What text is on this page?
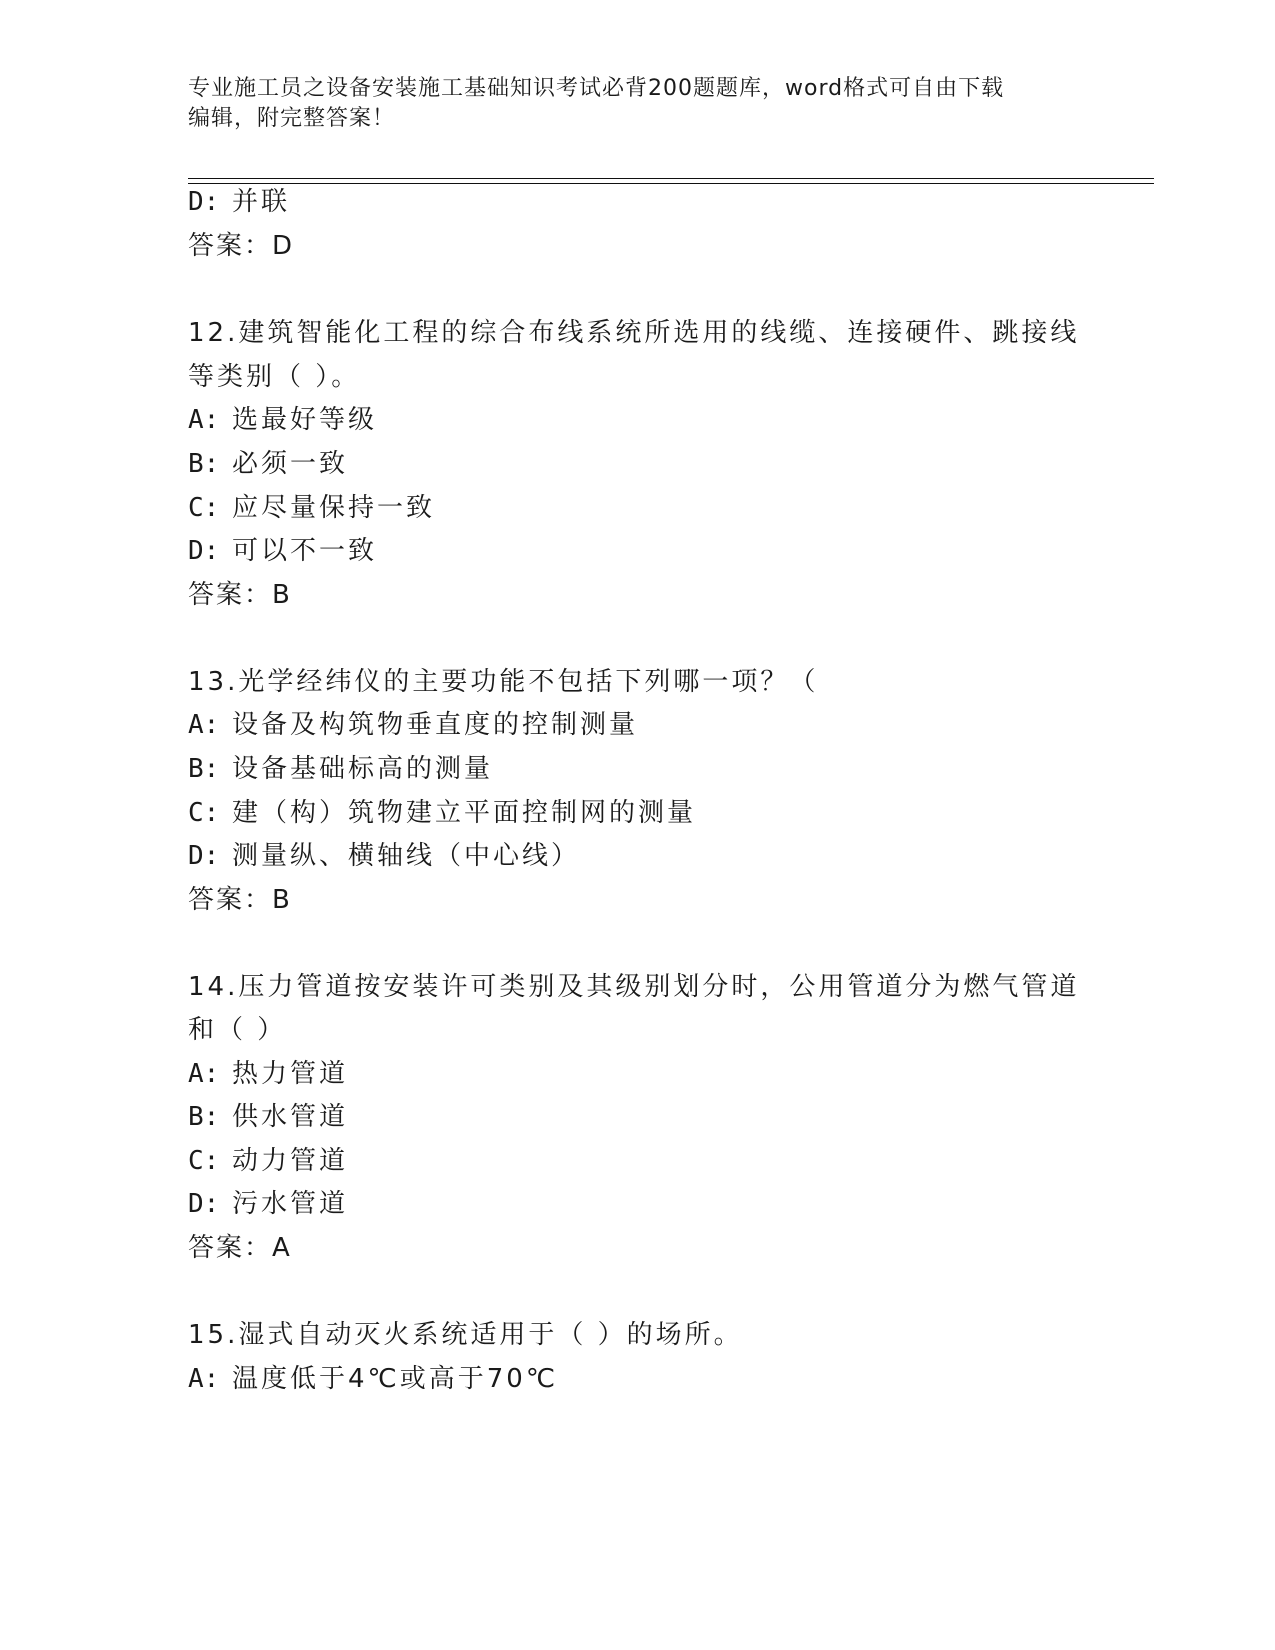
专业施工员之设备安装施工基础知识考试必背200题题库，word格式可自由下载
编辑，附完整答案！
D: 并联
答案：D
12.建筑智能化工程的综合布线系统所选用的线缆、连接硬件、跳接线
等类别（ ）。
A: 选最好等级
B: 必须一致
C: 应尽量保持一致
D: 可以不一致
答案：B
13.光学经纬仪的主要功能不包括下列哪一项？（
A: 设备及构筑物垂直度的控制测量
B: 设备基础标高的测量
C: 建（构）筑物建立平面控制网的测量
D: 测量纵、横轴线（中心线）
答案：B
14.压力管道按安装许可类别及其级别划分时，公用管道分为燃气管道
和（ ）
A: 热力管道
B: 供水管道
C: 动力管道
D: 污水管道
答案：A
15.湿式自动灭火系统适用于（ ）的场所。
A: 温度低于4℃或高于70℃
